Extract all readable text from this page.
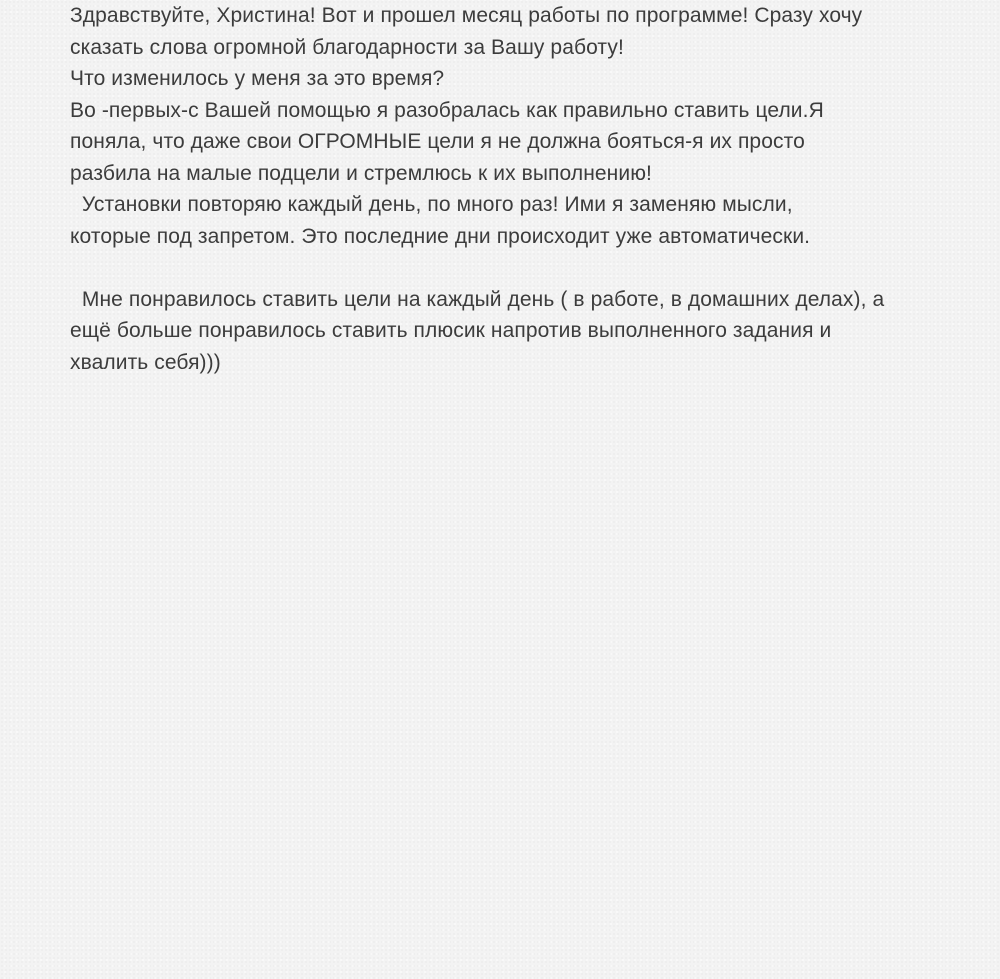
Здравствуйте, Христина! Вот и прошел месяц работы по программе! Сразу хочу
сказать слова огромной благодарности за Вашу работу!
Что изменилось у меня за это время?
Во -первых-с Вашей помощью я разобралась как правильно ставить цели.Я
поняла, что даже свои ОГРОМНЫЕ цели я не должна бояться-я их просто
разбила на малые подцели и стремлюсь к их выполнению!
Установки повторяю каждый день, по много раз! Ими я заменяю мысли,
которые под запретом. Это последние дни происходит уже автоматически.
Мне понравилось ставить цели на каждый день ( в работе, в домашних делах), а
ещё больше понравилось ставить плюсик напротив выполненного задания и
хвалить себя)))
